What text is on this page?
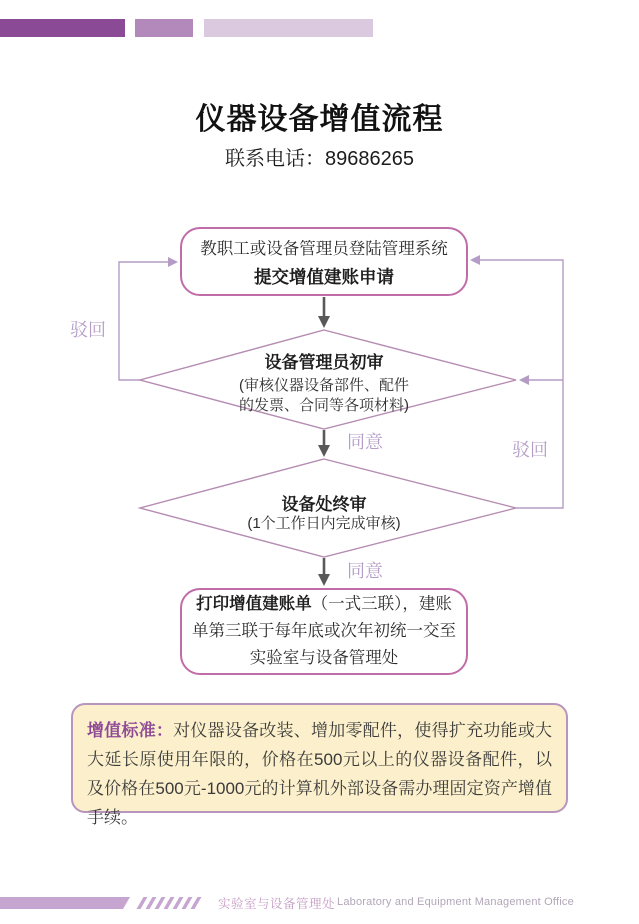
仪器设备增值流程
联系电话：89686265
教职工或设备管理员登陆管理系统
提交增值建账申请
设备管理员初审
(审核仪器设备部件、配件
的发票、合同等各项材料)
设备处终审
(1个工作日内完成审核)
驳回
驳回
同意
同意

打印增值建账单（一式三联），建账单第三联于每年底或次年初统一交至实验室与设备管理处

增值标准：对仪器设备改装、增加零配件，使得扩充功能或大大延长原使用年限的，价格在500元以上的仪器设备配件，以及价格在500元-1000元的计算机外部设备需办理固定资产增值手续。

实验室与设备管理处 Laboratory and Equipment Management Office
